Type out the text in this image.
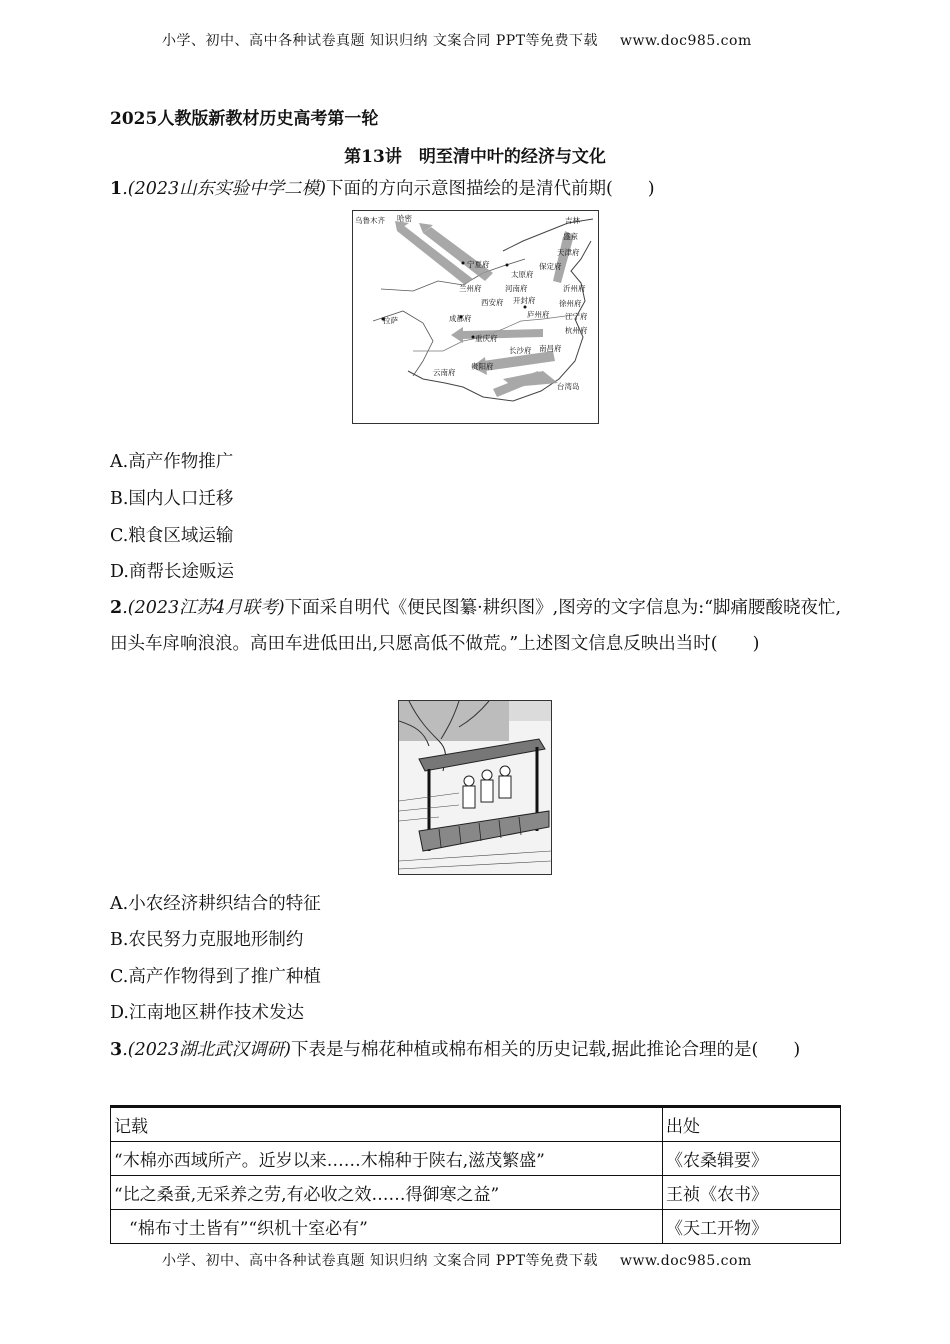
小学、初中、高中各种试卷真题 知识归纳 文案合同 PPT等免费下载 www.doc985.com
2025人教版新教材历史高考第一轮
第13讲　明至清中叶的经济与文化
1.(2023山东实验中学二模)下面的方向示意图描绘的是清代前期(　　)
乌鲁木齐 哈密	吉林
盛京
天津府
保定府
宁夏府
太原府
兰州府	河南府	沂州府
开封府
西安府	徐州府
庐州府 江宁府
成都府
杭州府
拉萨
重庆府
长沙府 南昌府
贵阳府
云南府
台湾岛
A.高产作物推广
B.国内人口迁移
C.粮食区域运输
D.商帮长途贩运
2.(2023江苏4月联考)下面采自明代《便民图纂·耕织图》,图旁的文字信息为:“脚痛腰酸晓夜忙,田头车戽响浪浪。高田车进低田出,只愿高低不做荒。”上述图文信息反映出当时(　　)
A.小农经济耕织结合的特征
B.农民努力克服地形制约
C.高产作物得到了推广种植
D.江南地区耕作技术发达
3.(2023湖北武汉调研)下表是与棉花种植或棉布相关的历史记载,据此推论合理的是(　　)
记载	出处
“木棉亦西域所产。近岁以来……木棉种于陕右,滋茂繁盛”	《农桑辑要》
“比之桑蚕,无采养之劳,有必收之效……得御寒之益”	王祯《农书》
“棉布寸土皆有”“织机十室必有”	《天工开物》
小学、初中、高中各种试卷真题 知识归纳 文案合同 PPT等免费下载 www.doc985.com
